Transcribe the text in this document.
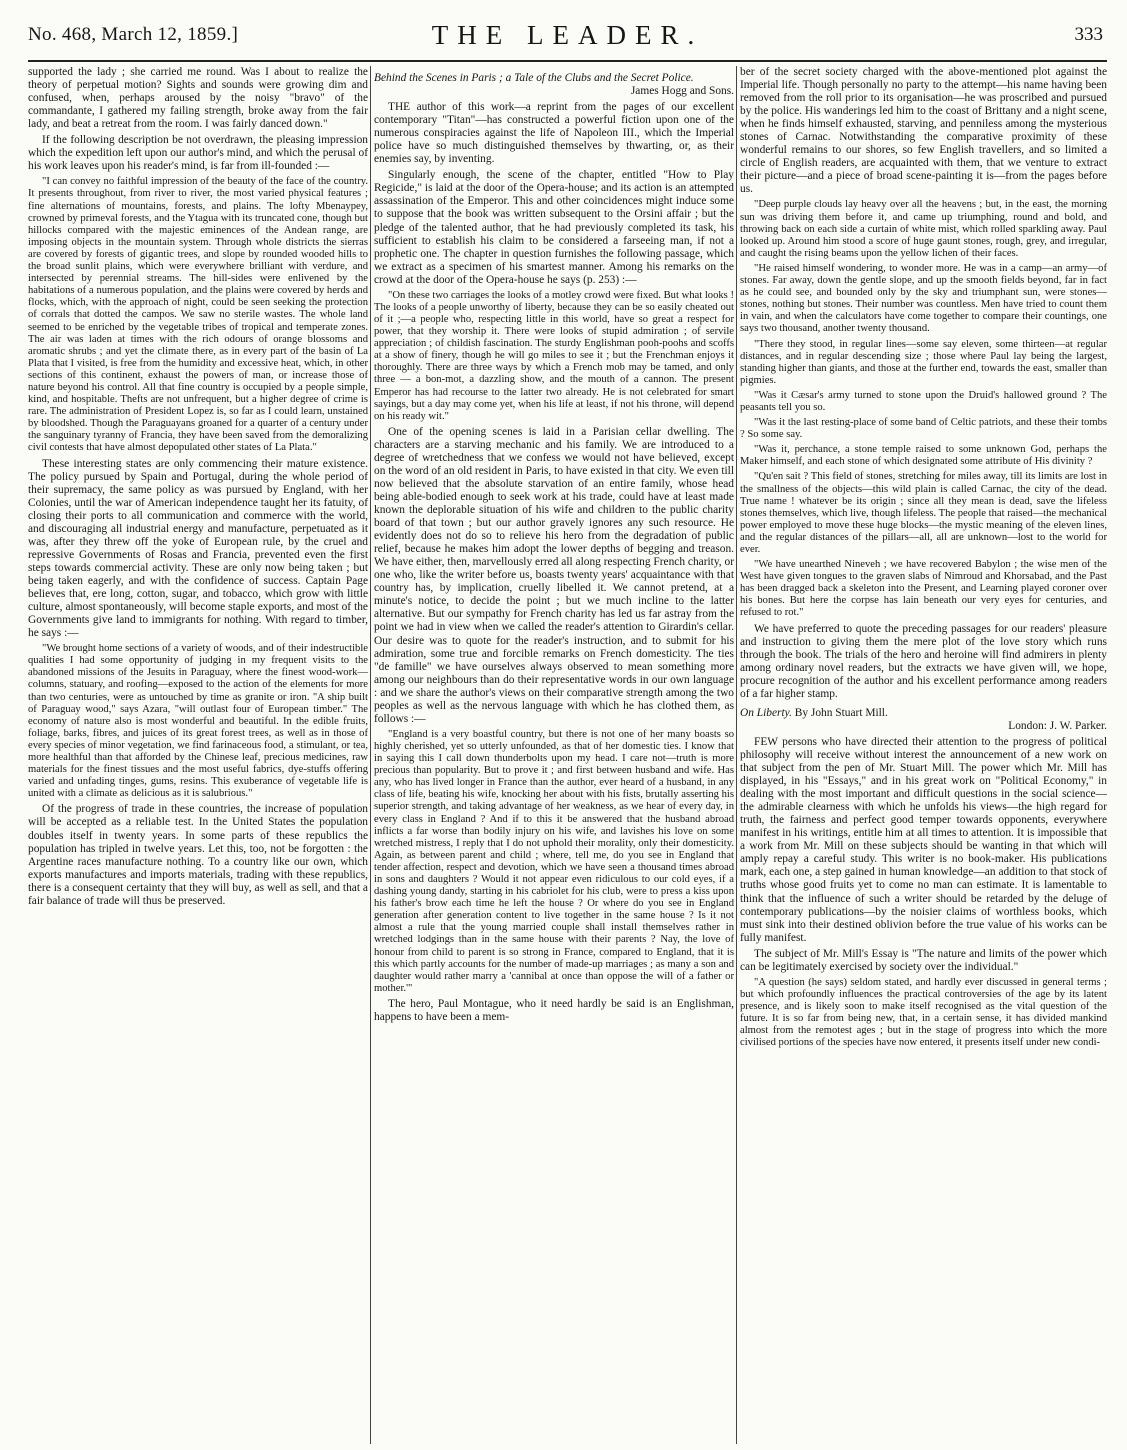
No. 468, March 12, 1859.]	THE LEADER.	333

supported the lady ; she carried me round. Was I about to realize the theory of perpetual motion? Sights and sounds were growing dim and confused, when, perhaps aroused by the noisy "bravo" of the commandante, I gathered my failing strength, broke away from the fair lady, and beat a retreat from the room. I was fairly danced down."

If the following description be not overdrawn, the pleasing impression which the expedition left upon our author's mind, and which the perusal of his work leaves upon his reader's mind, is far from ill-founded :—

"I can convey no faithful impression of the beauty of the face of the country. It presents throughout, from river to river, the most varied physical features ; fine alternations of mountains, forests, and plains. The lofty Mbenaypey, crowned by primeval forests, and the Ytagua with its truncated cone, though but hillocks compared with the majestic eminences of the Andean range, are imposing objects in the mountain system. Through whole districts the sierras are covered by forests of gigantic trees, and slope by rounded wooded hills to the broad sunlit plains, which were everywhere brilliant with verdure, and intersected by perennial streams. The hill-sides were enlivened by the habitations of a numerous population, and the plains were covered by herds and flocks, which, with the approach of night, could be seen seeking the protection of corrals that dotted the campos. We saw no sterile wastes. The whole land seemed to be enriched by the vegetable tribes of tropical and temperate zones. The air was laden at times with the rich odours of orange blossoms and aromatic shrubs ; and yet the climate there, as in every part of the basin of La Plata that I visited, is free from the humidity and excessive heat, which, in other sections of this continent, exhaust the powers of man, or increase those of nature beyond his control. All that fine country is occupied by a people simple, kind, and hospitable. Thefts are not unfrequent, but a higher degree of crime is rare. The administration of President Lopez is, so far as I could learn, unstained by bloodshed. Though the Paraguayans groaned for a quarter of a century under the sanguinary tyranny of Francia, they have been saved from the demoralizing civil contests that have almost depopulated other states of La Plata."

These interesting states are only commencing their mature existence. The policy pursued by Spain and Portugal, during the whole period of their supremacy, the same policy as was pursued by England, with her Colonies, until the war of American independence taught her its fatuity, of closing their ports to all communication and commerce with the world, and discouraging all industrial energy and manufacture, perpetuated as it was, after they threw off the yoke of European rule, by the cruel and repressive Governments of Rosas and Francia, prevented even the first steps towards commercial activity. These are only now being taken ; but being taken eagerly, and with the confidence of success. Captain Page believes that, ere long, cotton, sugar, and tobacco, which grow with little culture, almost spontaneously, will become staple exports, and most of the Governments give land to immigrants for nothing. With regard to timber, he says :—

"We brought home sections of a variety of woods, and of their indestructible qualities I had some opportunity of judging in my frequent visits to the abandoned missions of the Jesuits in Paraguay, where the finest wood-work—columns, statuary, and roofing—exposed to the action of the elements for more than two centuries, were as untouched by time as granite or iron. "A ship built of Paraguay wood," says Azara, "will outlast four of European timber." The economy of nature also is most wonderful and beautiful. In the edible fruits, foliage, barks, fibres, and juices of its great forest trees, as well as in those of every species of minor vegetation, we find farinaceous food, a stimulant, or tea, more healthful than that afforded by the Chinese leaf, precious medicines, raw materials for the finest tissues and the most useful fabrics, dye-stuffs offering varied and unfading tinges, gums, resins. This exuberance of vegetable life is united with a climate as delicious as it is salubrious."

Of the progress of trade in these countries, the increase of population will be accepted as a reliable test. In the United States the population doubles itself in twenty years. In some parts of these republics the population has tripled in twelve years. Let this, too, not be forgotten : the Argentine races manufacture nothing. To a country like our own, which exports manufactures and imports materials, trading with these republics, there is a consequent certainty that they will buy, as well as sell, and that a fair balance of trade will thus be preserved.

Behind the Scenes in Paris ; a Tale of the Clubs and the Secret Police.
James Hogg and Sons.

THE author of this work—a reprint from the pages of our excellent contemporary "Titan"—has constructed a powerful fiction upon one of the numerous conspiracies against the life of Napoleon III., which the Imperial police have so much distinguished themselves by thwarting, or, as their enemies say, by inventing.

Singularly enough, the scene of the chapter, entitled "How to Play Regicide," is laid at the door of the Opera-house; and its action is an attempted assassination of the Emperor. This and other coincidences might induce some to suppose that the book was written subsequent to the Orsini affair ; but the pledge of the talented author, that he had previously completed its task, his sufficient to establish his claim to be considered a farseeing man, if not a prophetic one. The chapter in question furnishes the following passage, which we extract as a specimen of his smartest manner. Among his remarks on the crowd at the door of the Opera-house he says (p. 253) :—

"On these two carriages the looks of a motley crowd were fixed. But what looks ! The looks of a people unworthy of liberty, because they can be so easily cheated out of it ;—a people who, respecting little in this world, have so great a respect for power, that they worship it. There were looks of stupid admiration ; of servile appreciation ; of childish fascination. The sturdy Englishman pooh-poohs and scoffs at a show of finery, though he will go miles to see it ; but the Frenchman enjoys it thoroughly. There are three ways by which a French mob may be tamed, and only three — a bon-mot, a dazzling show, and the mouth of a cannon. The present Emperor has had recourse to the latter two already. He is not celebrated for smart sayings, but a day may come yet, when his life at least, if not his throne, will depend on his ready wit."

One of the opening scenes is laid in a Parisian cellar dwelling. The characters are a starving mechanic and his family. We are introduced to a degree of wretchedness that we confess we would not have believed, except on the word of an old resident in Paris, to have existed in that city. We even till now believed that the absolute starvation of an entire family, whose head being able-bodied enough to seek work at his trade, could have at least made known the deplorable situation of his wife and children to the public charity board of that town ; but our author gravely ignores any such resource. He evidently does not do so to relieve his hero from the degradation of public relief, because he makes him adopt the lower depths of begging and treason. We have either, then, marvellously erred all along respecting French charity, or one who, like the writer before us, boasts twenty years' acquaintance with that country has, by implication, cruelly libelled it. We cannot pretend, at a minute's notice, to decide the point ; but we much incline to the latter alternative. But our sympathy for French charity has led us far astray from the point we had in view when we called the reader's attention to Girardin's cellar. Our desire was to quote for the reader's instruction, and to submit for his admiration, some true and forcible remarks on French domesticity. The ties "de famille" we have ourselves always observed to mean something more among our neighbours than do their representative words in our own language : and we share the author's views on their comparative strength among the two peoples as well as the nervous language with which he has clothed them, as follows :—

"England is a very boastful country, but there is not one of her many boasts so highly cherished, yet so utterly unfounded, as that of her domestic ties. I know that in saying this I call down thunderbolts upon my head. I care not—truth is more precious than popularity. But to prove it ; and first between husband and wife. Has any, who has lived longer in France than the author, ever heard of a husband, in any class of life, beating his wife, knocking her about with his fists, brutally asserting his superior strength, and taking advantage of her weakness, as we hear of every day, in every class in England ? And if to this it be answered that the husband abroad inflicts a far worse than bodily injury on his wife, and lavishes his love on some wretched mistress, I reply that I do not uphold their morality, only their domesticity. Again, as between parent and child ; where, tell me, do you see in England that tender affection, respect and devotion, which we have seen a thousand times abroad in sons and daughters ? Would it not appear even ridiculous to our cold eyes, if a dashing young dandy, starting in his cabriolet for his club, were to press a kiss upon his father's brow each time he left the house ? Or where do you see in England generation after generation content to live together in the same house ? Is it not almost a rule that the young married couple shall install themselves rather in wretched lodgings than in the same house with their parents ? Nay, the love of honour from child to parent is so strong in France, compared to England, that it is this which partly accounts for the number of made-up marriages ; as many a son and daughter would rather marry a 'cannibal at once than oppose the will of a father or mother.'"

The hero, Paul Montague, who it need hardly be said is an Englishman, happens to have been a mem-

ber of the secret society charged with the above-mentioned plot against the Imperial life. Though personally no party to the attempt—his name having been removed from the roll prior to its organisation—he was proscribed and pursued by the police. His wanderings led him to the coast of Brittany and a night scene, when he finds himself exhausted, starving, and penniless among the mysterious stones of Carnac. Notwithstanding the comparative proximity of these wonderful remains to our shores, so few English travellers, and so limited a circle of English readers, are acquainted with them, that we venture to extract their picture—and a piece of broad scene-painting it is—from the pages before us.

"Deep purple clouds lay heavy over all the heavens ; but, in the east, the morning sun was driving them before it, and came up triumphing, round and bold, and throwing back on each side a curtain of white mist, which rolled sparkling away. Paul looked up. Around him stood a score of huge gaunt stones, rough, grey, and irregular, and caught the rising beams upon the yellow lichen of their faces.

"He raised himself wondering, to wonder more. He was in a camp—an army—of stones. Far away, down the gentle slope, and up the smooth fields beyond, far in fact as he could see, and bounded only by the sky and triumphant sun, were stones—stones, nothing but stones. Their number was countless. Men have tried to count them in vain, and when the calculators have come together to compare their countings, one says two thousand, another twenty thousand.

"There they stood, in regular lines—some say eleven, some thirteen—at regular distances, and in regular descending size ; those where Paul lay being the largest, standing higher than giants, and those at the further end, towards the east, smaller than pigmies.

"Was it Cæsar's army turned to stone upon the Druid's hallowed ground ? The peasants tell you so.

"Was it the last resting-place of some band of Celtic patriots, and these their tombs ? So some say.

"Was it, perchance, a stone temple raised to some unknown God, perhaps the Maker himself, and each stone of which designated some attribute of His divinity ?

"Qu'en sait ? This field of stones, stretching for miles away, till its limits are lost in the smallness of the objects—this wild plain is called Carnac, the city of the dead. True name ! whatever be its origin ; since all they mean is dead, save the lifeless stones themselves, which live, though lifeless. The people that raised—the mechanical power employed to move these huge blocks—the mystic meaning of the eleven lines, and the regular distances of the pillars—all, all are unknown—lost to the world for ever.

"We have unearthed Nineveh ; we have recovered Babylon ; the wise men of the West have given tongues to the graven slabs of Nimroud and Khorsabad, and the Past has been dragged back a skeleton into the Present, and Learning played coroner over his bones. But here the corpse has lain beneath our very eyes for centuries, and refused to rot."

We have preferred to quote the preceding passages for our readers' pleasure and instruction to giving them the mere plot of the love story which runs through the book. The trials of the hero and heroine will find admirers in plenty among ordinary novel readers, but the extracts we have given will, we hope, procure recognition of the author and his excellent performance among readers of a far higher stamp.

On Liberty. By John Stuart Mill.
London: J. W. Parker.

FEW persons who have directed their attention to the progress of political philosophy will receive without interest the announcement of a new work on that subject from the pen of Mr. Stuart Mill. The power which Mr. Mill has displayed, in his "Essays," and in his great work on "Political Economy," in dealing with the most important and difficult questions in the social science—the admirable clearness with which he unfolds his views—the high regard for truth, the fairness and perfect good temper towards opponents, everywhere manifest in his writings, entitle him at all times to attention. It is impossible that a work from Mr. Mill on these subjects should be wanting in that which will amply repay a careful study. This writer is no book-maker. His publications mark, each one, a step gained in human knowledge—an addition to that stock of truths whose good fruits yet to come no man can estimate. It is lamentable to think that the influence of such a writer should be retarded by the deluge of contemporary publications—by the noisier claims of worthless books, which must sink into their destined oblivion before the true value of his works can be fully manifest.

The subject of Mr. Mill's Essay is "The nature and limits of the power which can be legitimately exercised by society over the individual."

"A question (he says) seldom stated, and hardly ever discussed in general terms ; but which profoundly influences the practical controversies of the age by its latent presence, and is likely soon to make itself recognised as the vital question of the future. It is so far from being new, that, in a certain sense, it has divided mankind almost from the remotest ages ; but in the stage of progress into which the more civilised portions of the species have now entered, it presents itself under new condi-
